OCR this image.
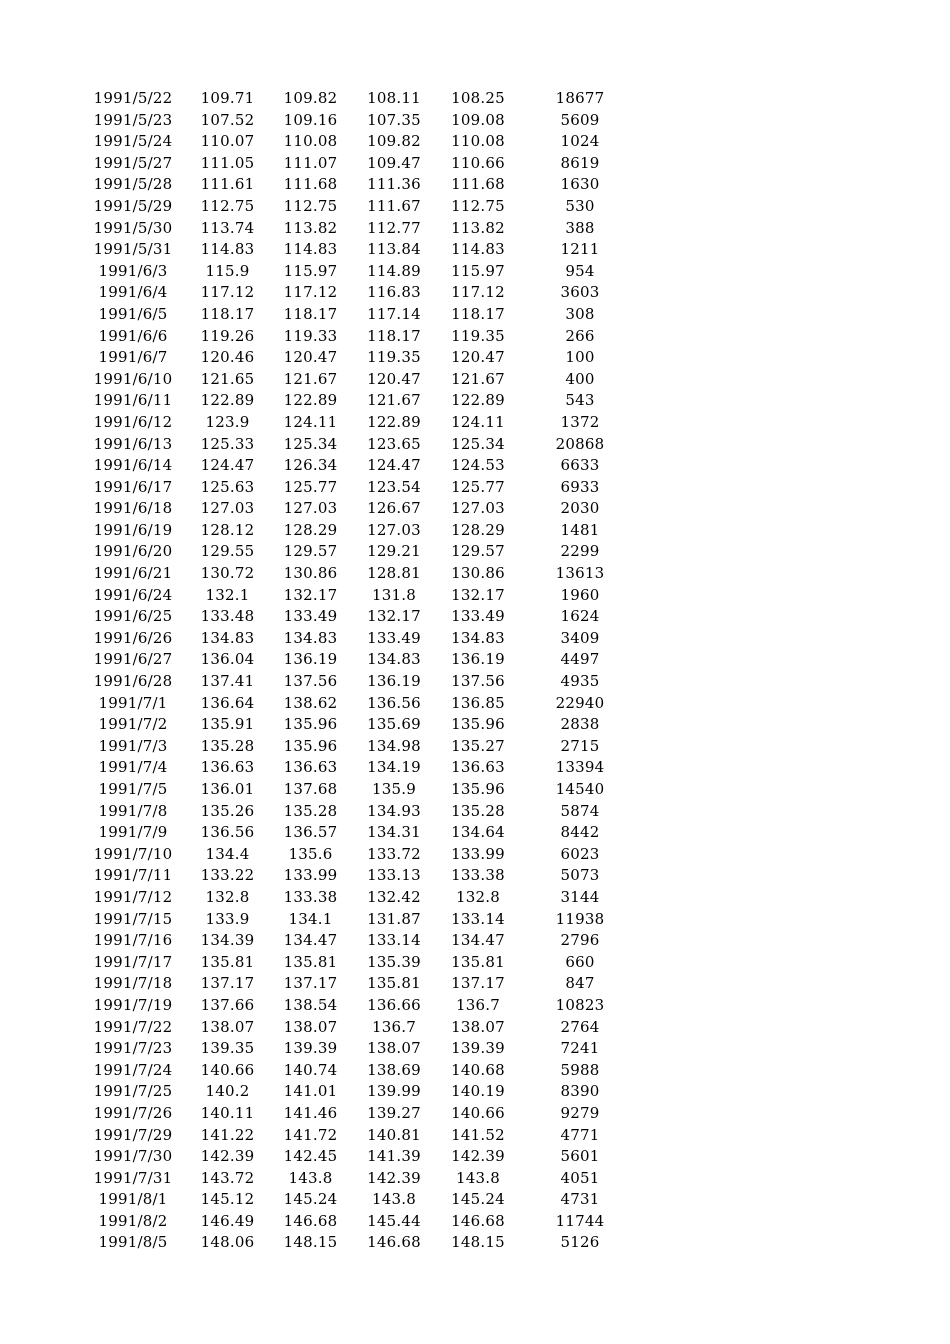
1991/5/22	109.71	109.82	108.11	108.25	18677
1991/5/23	107.52	109.16	107.35	109.08	5609
1991/5/24	110.07	110.08	109.82	110.08	1024
1991/5/27	111.05	111.07	109.47	110.66	8619
1991/5/28	111.61	111.68	111.36	111.68	1630
1991/5/29	112.75	112.75	111.67	112.75	530
1991/5/30	113.74	113.82	112.77	113.82	388
1991/5/31	114.83	114.83	113.84	114.83	1211
1991/6/3	115.9	115.97	114.89	115.97	954
1991/6/4	117.12	117.12	116.83	117.12	3603
1991/6/5	118.17	118.17	117.14	118.17	308
1991/6/6	119.26	119.33	118.17	119.35	266
1991/6/7	120.46	120.47	119.35	120.47	100
1991/6/10	121.65	121.67	120.47	121.67	400
1991/6/11	122.89	122.89	121.67	122.89	543
1991/6/12	123.9	124.11	122.89	124.11	1372
1991/6/13	125.33	125.34	123.65	125.34	20868
1991/6/14	124.47	126.34	124.47	124.53	6633
1991/6/17	125.63	125.77	123.54	125.77	6933
1991/6/18	127.03	127.03	126.67	127.03	2030
1991/6/19	128.12	128.29	127.03	128.29	1481
1991/6/20	129.55	129.57	129.21	129.57	2299
1991/6/21	130.72	130.86	128.81	130.86	13613
1991/6/24	132.1	132.17	131.8	132.17	1960
1991/6/25	133.48	133.49	132.17	133.49	1624
1991/6/26	134.83	134.83	133.49	134.83	3409
1991/6/27	136.04	136.19	134.83	136.19	4497
1991/6/28	137.41	137.56	136.19	137.56	4935
1991/7/1	136.64	138.62	136.56	136.85	22940
1991/7/2	135.91	135.96	135.69	135.96	2838
1991/7/3	135.28	135.96	134.98	135.27	2715
1991/7/4	136.63	136.63	134.19	136.63	13394
1991/7/5	136.01	137.68	135.9	135.96	14540
1991/7/8	135.26	135.28	134.93	135.28	5874
1991/7/9	136.56	136.57	134.31	134.64	8442
1991/7/10	134.4	135.6	133.72	133.99	6023
1991/7/11	133.22	133.99	133.13	133.38	5073
1991/7/12	132.8	133.38	132.42	132.8	3144
1991/7/15	133.9	134.1	131.87	133.14	11938
1991/7/16	134.39	134.47	133.14	134.47	2796
1991/7/17	135.81	135.81	135.39	135.81	660
1991/7/18	137.17	137.17	135.81	137.17	847
1991/7/19	137.66	138.54	136.66	136.7	10823
1991/7/22	138.07	138.07	136.7	138.07	2764
1991/7/23	139.35	139.39	138.07	139.39	7241
1991/7/24	140.66	140.74	138.69	140.68	5988
1991/7/25	140.2	141.01	139.99	140.19	8390
1991/7/26	140.11	141.46	139.27	140.66	9279
1991/7/29	141.22	141.72	140.81	141.52	4771
1991/7/30	142.39	142.45	141.39	142.39	5601
1991/7/31	143.72	143.8	142.39	143.8	4051
1991/8/1	145.12	145.24	143.8	145.24	4731
1991/8/2	146.49	146.68	145.44	146.68	11744
1991/8/5	148.06	148.15	146.68	148.15	5126
